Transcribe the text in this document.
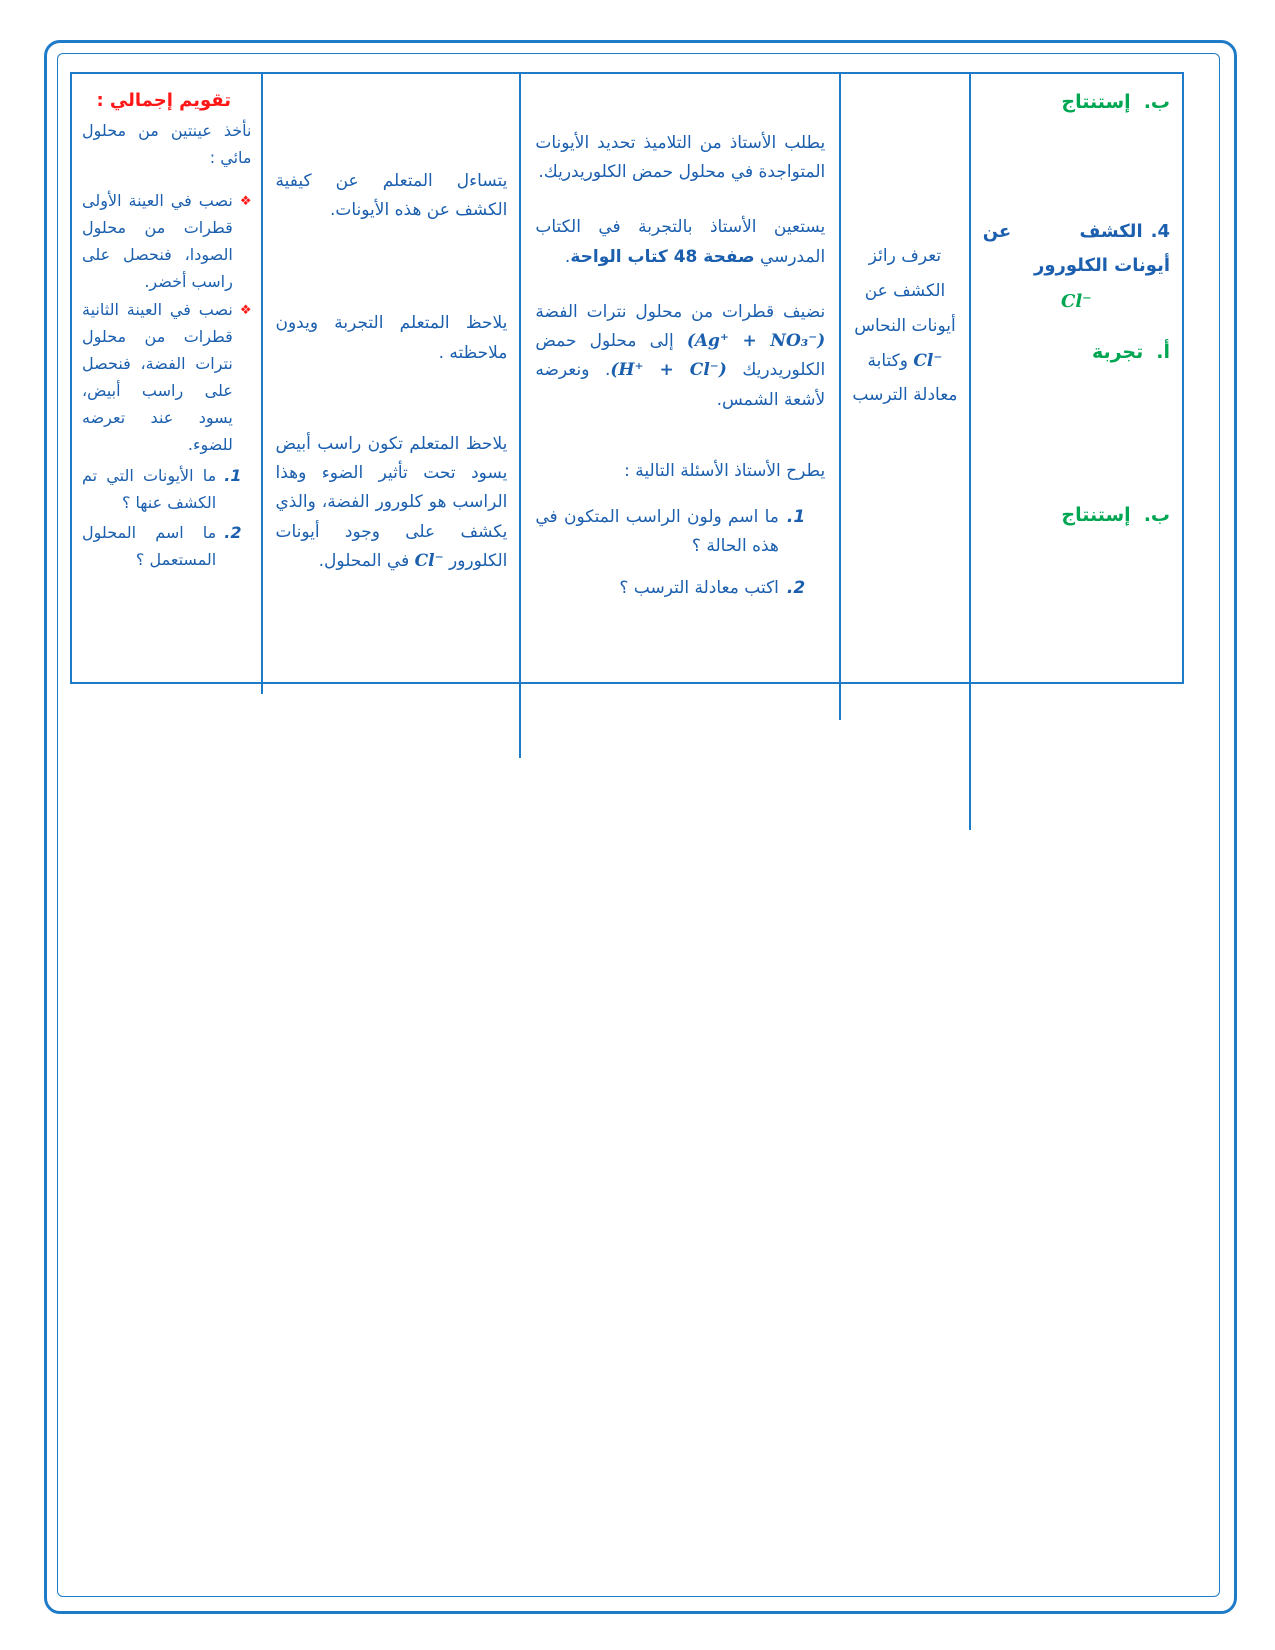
ب.إستنتاج
4.الكشف عن أيونات الكلورور
Cl⁻
أ.تجربة
ب.إستنتاج

تعرف رائز الكشف عن أيونات النحاس Cl⁻ وكتابة معادلة الترسب

يطلب الأستاذ من التلاميذ تحديد الأيونات المتواجدة في محلول حمض الكلوريدريك.

يستعين الأستاذ بالتجربة في الكتاب المدرسي صفحة 48 كتاب الواحة.

نضيف قطرات من محلول نترات الفضة (Ag⁺ + NO₃⁻) إلى محلول حمض الكلوريدريك (H⁺ + Cl⁻). ونعرضه لأشعة الشمس.

يطرح الأستاذ الأسئلة التالية :

1.
ما اسم ولون الراسب المتكون في هذه الحالة ؟
2.
اكتب معادلة الترسب ؟

يتساءل المتعلم عن كيفية الكشف عن هذه الأيونات.

يلاحظ المتعلم التجربة ويدون ملاحظته .

يلاحظ المتعلم تكون راسب أبيض يسود تحت تأثير الضوء وهذا الراسب هو كلورور الفضة، والذي يكشف على وجود أيونات الكلورور Cl⁻ في المحلول.

تقويم إجمالي :

نأخذ عينتين من محلول مائي :

❖
نصب في العينة الأولى قطرات من محلول الصودا، فنحصل على راسب أخضر.
❖
نصب في العينة الثانية قطرات من محلول نترات الفضة، فنحصل على راسب أبيض، يسود عند تعرضه للضوء.
1.
ما الأيونات التي تم الكشف عنها ؟
2.
ما اسم المحلول المستعمل ؟
